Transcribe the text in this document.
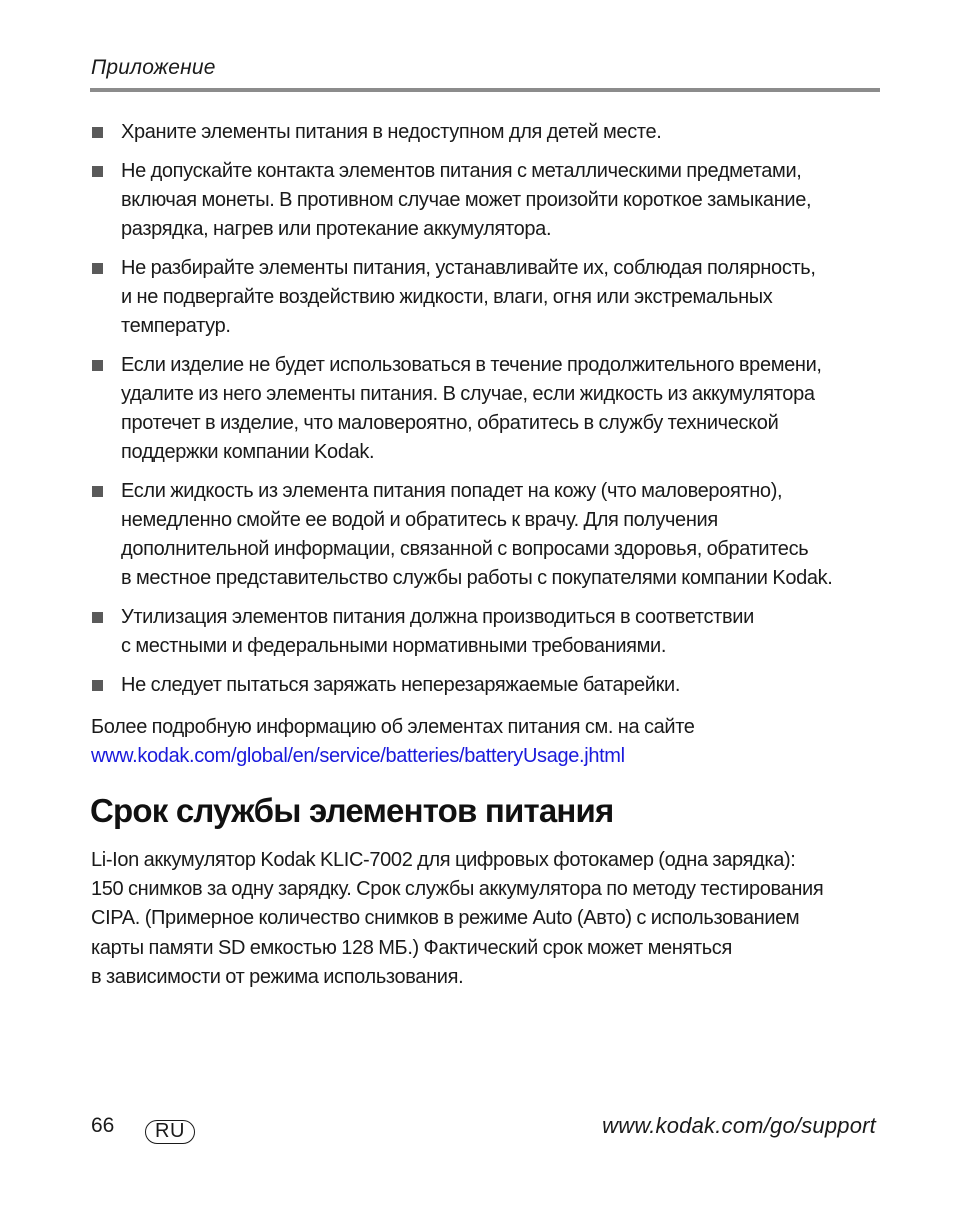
Приложение
Храните элементы питания в недоступном для детей месте.
Не допускайте контакта элементов питания с металлическими предметами,
включая монеты. В противном случае может произойти короткое замыкание,
разрядка, нагрев или протекание аккумулятора.
Не разбирайте элементы питания, устанавливайте их, соблюдая полярность,
и не подвергайте воздействию жидкости, влаги, огня или экстремальных
температур.
Если изделие не будет использоваться в течение продолжительного времени,
удалите из него элементы питания. В случае, если жидкость из аккумулятора
протечет в изделие, что маловероятно, обратитесь в службу технической
поддержки компании Kodak.
Если жидкость из элемента питания попадет на кожу (что маловероятно),
немедленно смойте ее водой и обратитесь к врачу. Для получения
дополнительной информации, связанной с вопросами здоровья, обратитесь
в местное представительство службы работы с покупателями компании Kodak.
Утилизация элементов питания должна производиться в соответствии
с местными и федеральными нормативными требованиями.
Не следует пытаться заряжать неперезаряжаемые батарейки.
Более подробную информацию об элементах питания см. на сайте
www.kodak.com/global/en/service/batteries/batteryUsage.jhtml
Срок службы элементов питания
Li-Ion аккумулятор Kodak KLIC-7002 для цифровых фотокамер (одна зарядка):
150 снимков за одну зарядку. Срок службы аккумулятора по методу тестирования
CIPA. (Примерное количество снимков в режиме Auto (Авто) с использованием
карты памяти SD емкостью 128 МБ.) Фактический срок может меняться
в зависимости от режима использования.
66	RU	www.kodak.com/go/support
